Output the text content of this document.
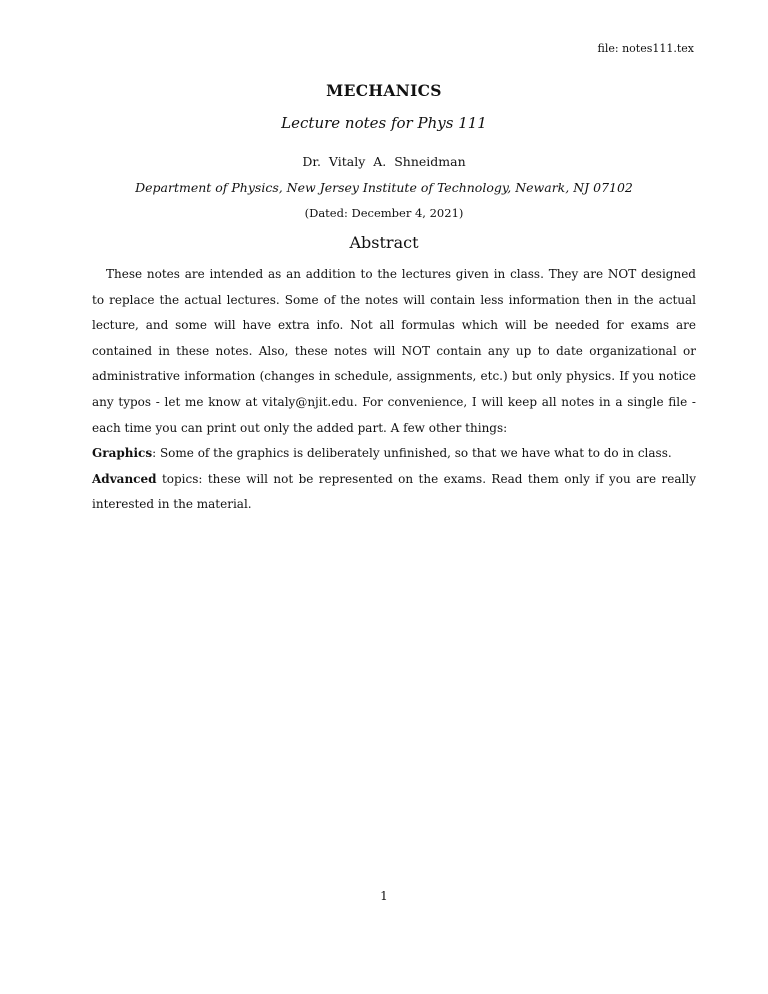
file: notes111.tex
MECHANICS
Lecture notes for Phys 111
Dr. Vitaly A. Shneidman
Department of Physics, New Jersey Institute of Technology, Newark, NJ 07102
(Dated: December 4, 2021)
Abstract

These notes are intended as an addition to the lectures given in class. They are NOT designed to replace the actual lectures. Some of the notes will contain less information then in the actual lecture, and some will have extra info. Not all formulas which will be needed for exams are contained in these notes. Also, these notes will NOT contain any up to date organizational or administrative information (changes in schedule, assignments, etc.) but only physics. If you notice any typos - let me know at vitaly@njit.edu. For convenience, I will keep all notes in a single file - each time you can print out only the added part. A few other things:

Graphics: Some of the graphics is deliberately unfinished, so that we have what to do in class.

Advanced topics: these will not be represented on the exams. Read them only if you are really interested in the material.

1
